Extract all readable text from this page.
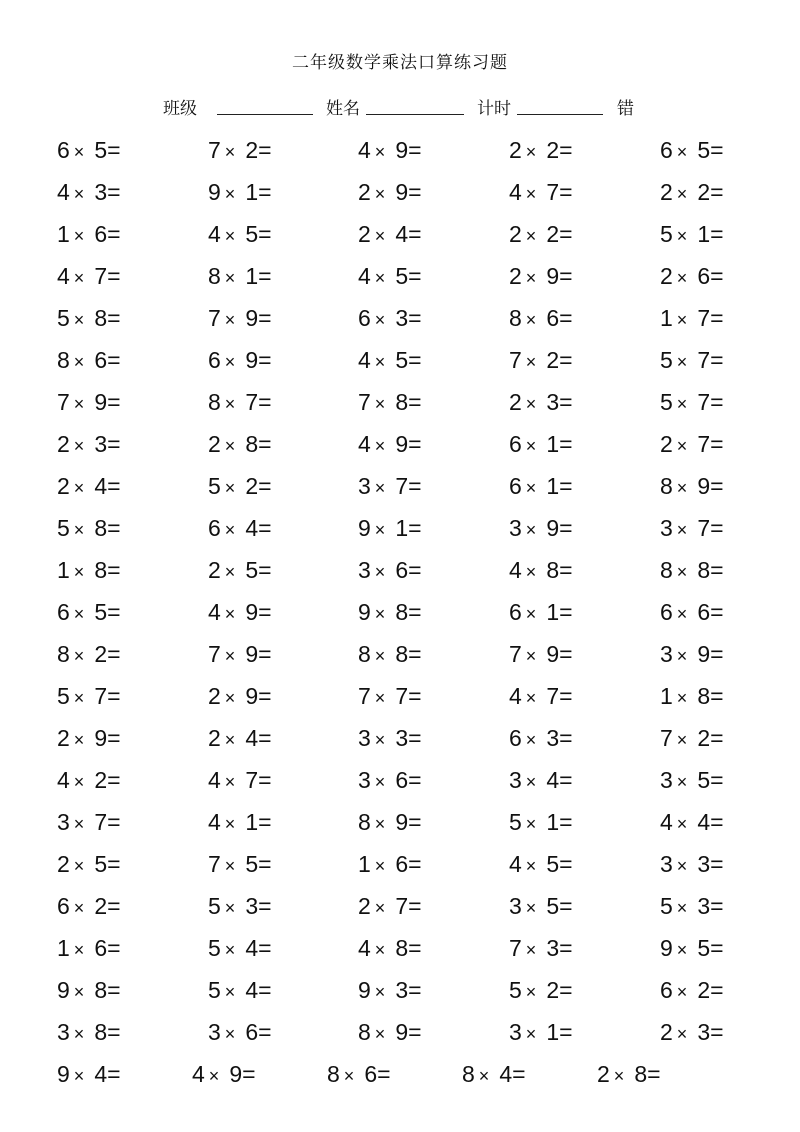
二年级数学乘法口算练习题
班级	姓名	计时	错
6 × 5=	7 × 2=	4 × 9=	2 × 2=	6 × 5=
4 × 3=	9 × 1=	2 × 9=	4 × 7=	2 × 2=
1 × 6=	4 × 5=	2 × 4=	2 × 2=	5 × 1=
4 × 7=	8 × 1=	4 × 5=	2 × 9=	2 × 6=
5 × 8=	7 × 9=	6 × 3=	8 × 6=	1 × 7=
8 × 6=	6 × 9=	4 × 5=	7 × 2=	5 × 7=
7 × 9=	8 × 7=	7 × 8=	2 × 3=	5 × 7=
2 × 3=	2 × 8=	4 × 9=	6 × 1=	2 × 7=
2 × 4=	5 × 2=	3 × 7=	6 × 1=	8 × 9=
5 × 8=	6 × 4=	9 × 1=	3 × 9=	3 × 7=
1 × 8=	2 × 5=	3 × 6=	4 × 8=	8 × 8=
6 × 5=	4 × 9=	9 × 8=	6 × 1=	6 × 6=
8 × 2=	7 × 9=	8 × 8=	7 × 9=	3 × 9=
5 × 7=	2 × 9=	7 × 7=	4 × 7=	1 × 8=
2 × 9=	2 × 4=	3 × 3=	6 × 3=	7 × 2=
4 × 2=	4 × 7=	3 × 6=	3 × 4=	3 × 5=
3 × 7=	4 × 1=	8 × 9=	5 × 1=	4 × 4=
2 × 5=	7 × 5=	1 × 6=	4 × 5=	3 × 3=
6 × 2=	5 × 3=	2 × 7=	3 × 5=	5 × 3=
1 × 6=	5 × 4=	4 × 8=	7 × 3=	9 × 5=
9 × 8=	5 × 4=	9 × 3=	5 × 2=	6 × 2=
3 × 8=	3 × 6=	8 × 9=	3 × 1=	2 × 3=
9 × 4=	4 × 9=	8 × 6=	8 × 4=	2 × 8=
